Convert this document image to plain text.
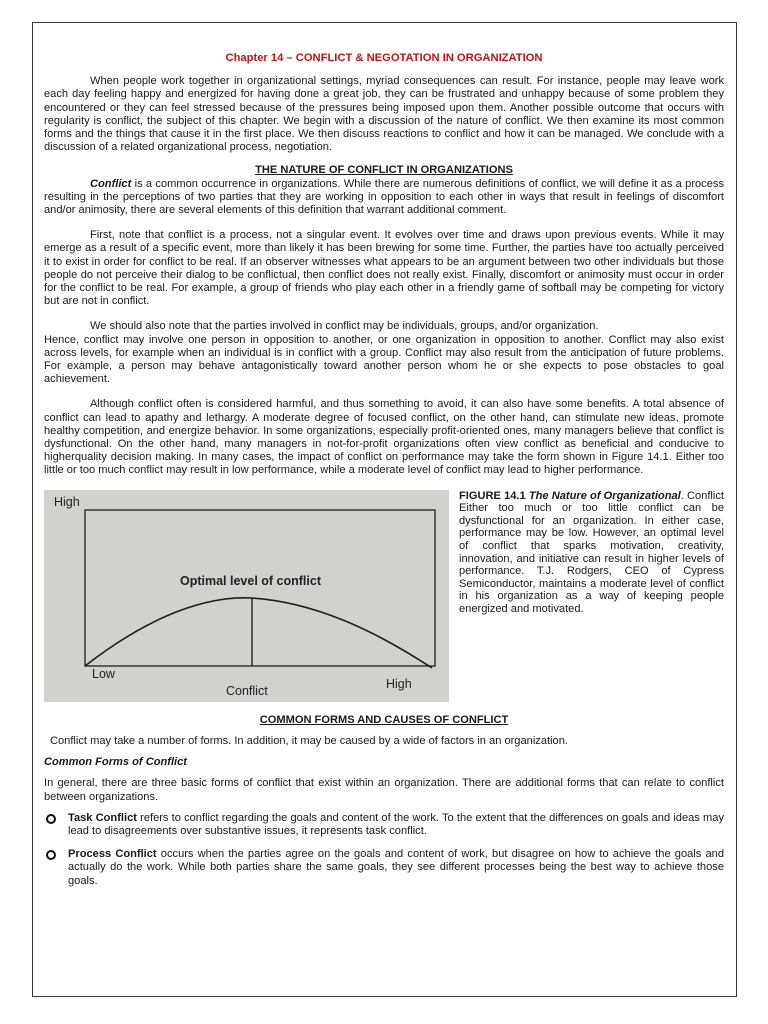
Chapter 14 – CONFLICT & NEGOTATION IN ORGANIZATION

When people work together in organizational settings, myriad consequences can result. For instance, people may leave work each day feeling happy and energized for having done a great job, they can be frustrated and unhappy because of some problem they encountered or they can feel stressed because of the pressures being imposed upon them. Another possible outcome that occurs with regularity is conflict, the subject of this chapter. We begin with a discussion of the nature of conflict. We then examine its most common forms and the things that cause it in the first place. We then discuss reactions to conflict and how it can be managed. We conclude with a discussion of a related organizational process, negotiation.

THE NATURE OF CONFLICT IN ORGANIZATIONS

Conflict is a common occurrence in organizations. While there are numerous definitions of conflict, we will define it as a process resulting in the perceptions of two parties that they are working in opposition to each other in ways that result in feelings of discomfort and/or animosity, there are several elements of this definition that warrant additional comment.

First, note that conflict is a process, not a singular event. It evolves over time and draws upon previous events. While it may emerge as a result of a specific event, more than likely it has been brewing for some time. Further, the parties have too actually perceived it to exist in order for conflict to be real. If an observer witnesses what appears to be an argument between two other individuals but those people do not perceive their dialog to be conflictual, then conflict does not really exist. Finally, discomfort or animosity must occur in order for the conflict to be real. For example, a group of friends who play each other in a friendly game of softball may be competing for victory but are not in conflict.

We should also note that the parties involved in conflict may be individuals, groups, and/or organization.

Hence, conflict may involve one person in opposition to another, or one organization in opposition to another. Conflict may also exist across levels, for example when an individual is in conflict with a group. Conflict may also result from the anticipation of future problems. For example, a person may behave antagonistically toward another person whom he or she expects to pose obstacles to goal achievement.

Although conflict often is considered harmful, and thus something to avoid, it can also have some benefits. A total absence of conflict can lead to apathy and lethargy. A moderate degree of focused conflict, on the other hand, can stimulate new ideas, promote healthy competition, and energize behavior. In some organizations, especially profit-oriented ones, many managers believe that conflict is dysfunctional. On the other hand, many managers in not-for-profit organizations often view conflict as beneficial and conducive to higherquality decision making. In many cases, the impact of conflict on performance may take the form shown in Figure 14.1. Either too little or too much conflict may result in low performance, while a moderate level of conflict may lead to higher performance.

High
Optimal level of conflict
Low
Conflict	High

FIGURE 14.1 The Nature of Organizational. Conflict Either too much or too little conflict can be dysfunctional for an organization. In either case, performance may be low. However, an optimal level of conflict that sparks motivation, creativity, innovation, and initiative can result in higher levels of performance. T.J. Rodgers, CEO of Cypress Semiconductor, maintains a moderate level of conflict in his organization as a way of keeping people energized and motivated.

COMMON FORMS AND CAUSES OF CONFLICT

Conflict may take a number of forms. In addition, it may be caused by a wide of factors in an organization.

Common Forms of Conflict

In general, there are three basic forms of conflict that exist within an organization. There are additional forms that can relate to conflict between organizations.

Task Conflict refers to conflict regarding the goals and content of the work. To the extent that the differences on goals and ideas may lead to disagreements over substantive issues, it represents task conflict.
Process Conflict occurs when the parties agree on the goals and content of work, but disagree on how to achieve the goals and actually do the work. While both parties share the same goals, they see different processes being the best way to achieve those goals.
